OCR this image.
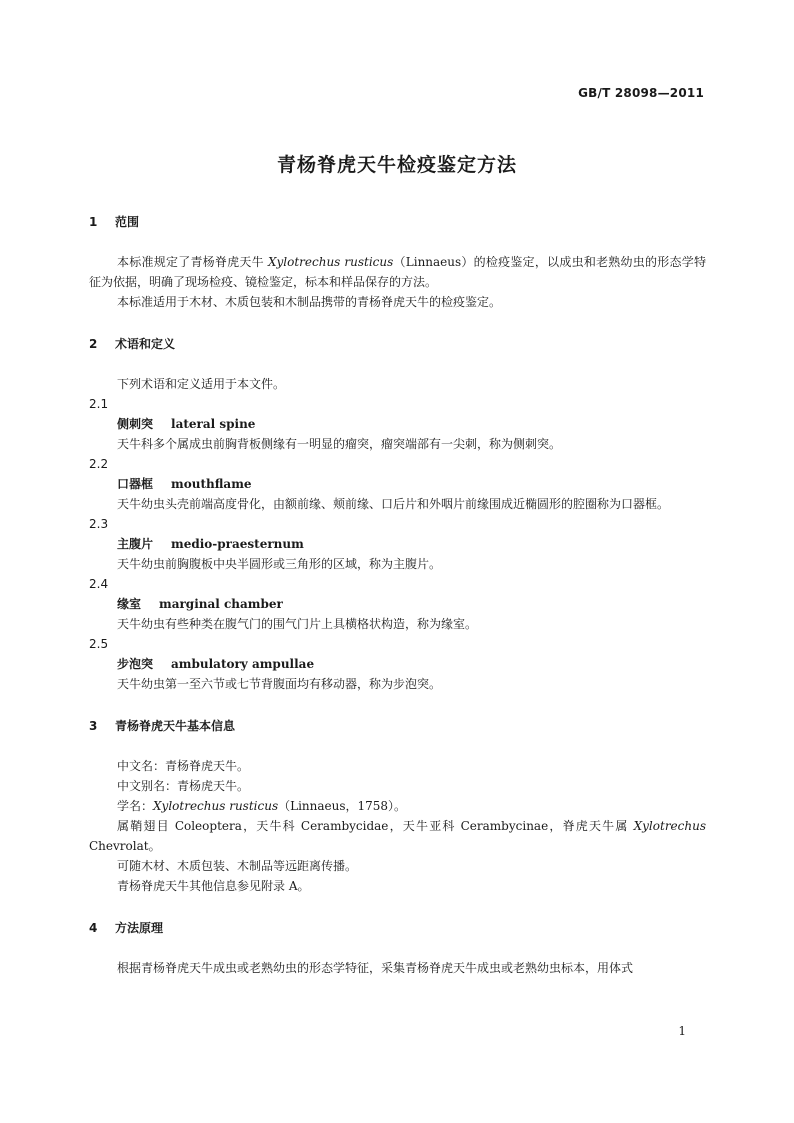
GB/T 28098—2011
青杨脊虎天牛检疫鉴定方法
1 范围
本标准规定了青杨脊虎天牛 Xylotrechus rusticus（Linnaeus）的检疫鉴定，以成虫和老熟幼虫的形态学特征为依据，明确了现场检疫、镜检鉴定，标本和样品保存的方法。
本标准适用于木材、木质包装和木制品携带的青杨脊虎天牛的检疫鉴定。
2 术语和定义
下列术语和定义适用于本文件。
2.1
侧刺突 lateral spine
天牛科多个属成虫前胸背板侧缘有一明显的瘤突，瘤突端部有一尖刺，称为侧刺突。
2.2
口器框 mouthflame
天牛幼虫头壳前端高度骨化，由额前缘、颊前缘、口后片和外咽片前缘围成近椭圆形的腔圈称为口器框。
2.3
主腹片 medio-praesternum
天牛幼虫前胸腹板中央半圆形或三角形的区域，称为主腹片。
2.4
缘室 marginal chamber
天牛幼虫有些种类在腹气门的围气门片上具横格状构造，称为缘室。
2.5
步泡突 ambulatory ampullae
天牛幼虫第一至六节或七节背腹面均有移动器，称为步泡突。
3 青杨脊虎天牛基本信息
中文名：青杨脊虎天牛。
中文别名：青杨虎天牛。
学名：Xylotrechus rusticus（Linnaeus，1758）。
属鞘翅目 Coleoptera，天牛科 Cerambycidae，天牛亚科 Cerambycinae，脊虎天牛属 Xylotrechus Chevrolat。
可随木材、木质包装、木制品等远距离传播。
青杨脊虎天牛其他信息参见附录 A。
4 方法原理
根据青杨脊虎天牛成虫或老熟幼虫的形态学特征，采集青杨脊虎天牛成虫或老熟幼虫标本，用体式
1
